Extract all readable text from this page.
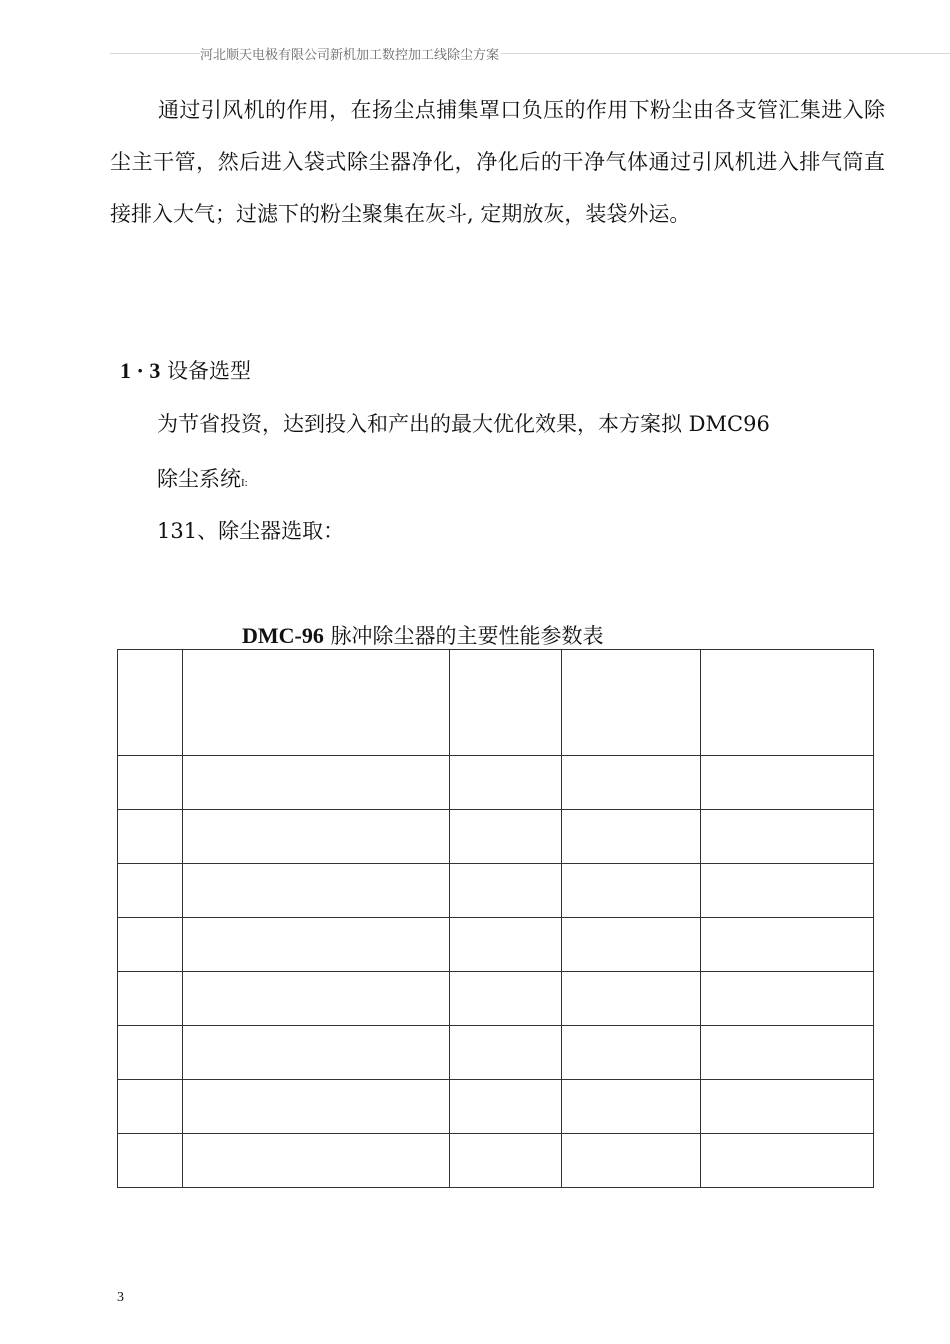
河北顺天电极有限公司新机加工数控加工线除尘方案
通过引风机的作用，在扬尘点捕集罩口负压的作用下粉尘由各支管汇集进入除尘主干管，然后进入袋式除尘器净化，净化后的干净气体通过引风机进入排气筒直接排入大气；过滤下的粉尘聚集在灰斗, 定期放灰，装袋外运。
1 · 3 设备选型
为节省投资，达到投入和产出的最大优化效果，本方案拟 DMC96
除尘系统I:
131、除尘器选取：
DMC-96 脉冲除尘器的主要性能参数表

3
